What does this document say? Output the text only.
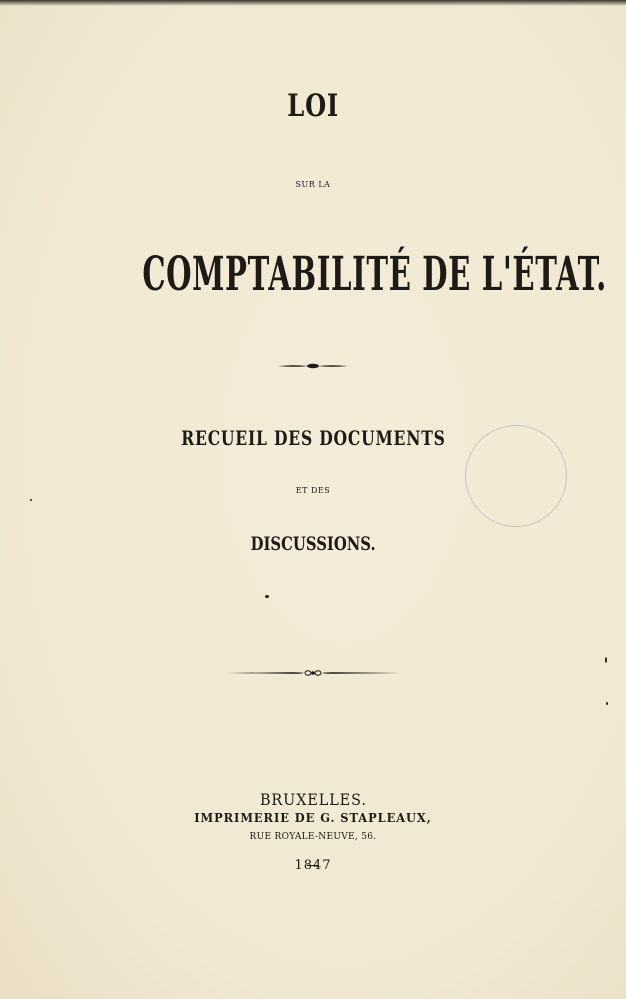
LOI
SUR LA
COMPTABILITÉ DE L'ÉTAT.
RECUEIL DES DOCUMENTS
ET DES
DISCUSSIONS.
BRUXELLES.
IMPRIMERIE DE G. STAPLEAUX,
RUE ROYALE-NEUVE, 56.
1847
